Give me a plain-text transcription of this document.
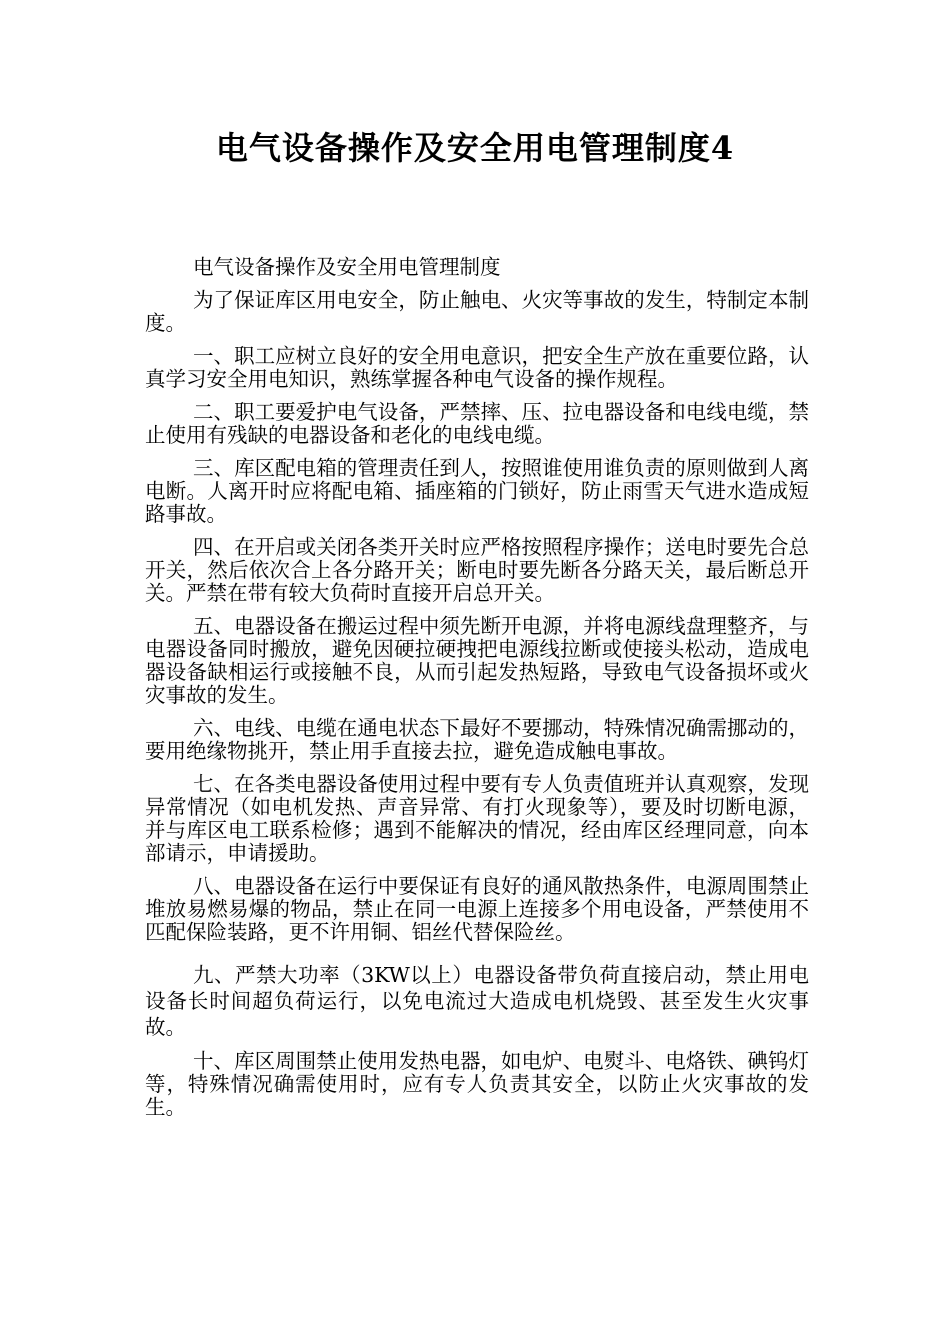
电气设备操作及安全用电管理制度4

电气设备操作及安全用电管理制度

为了保证库区用电安全，防止触电、火灾等事故的发生，特制定本制度。

一、职工应树立良好的安全用电意识，把安全生产放在重要位路，认真学习安全用电知识，熟练掌握各种电气设备的操作规程。

二、职工要爱护电气设备，严禁摔、压、拉电器设备和电线电缆，禁止使用有残缺的电器设备和老化的电线电缆。

三、库区配电箱的管理责任到人，按照谁使用谁负责的原则做到人离电断。人离开时应将配电箱、插座箱的门锁好，防止雨雪天气进水造成短路事故。

四、在开启或关闭各类开关时应严格按照程序操作；送电时要先合总开关，然后依次合上各分路开关；断电时要先断各分路天关，最后断总开关。严禁在带有较大负荷时直接开启总开关。

五、电器设备在搬运过程中须先断开电源，并将电源线盘理整齐，与电器设备同时搬放，避免因硬拉硬拽把电源线拉断或使接头松动，造成电器设备缺相运行或接触不良，从而引起发热短路，导致电气设备损坏或火灾事故的发生。

六、电线、电缆在通电状态下最好不要挪动，特殊情况确需挪动的，要用绝缘物挑开，禁止用手直接去拉，避免造成触电事故。

七、在各类电器设备使用过程中要有专人负责值班并认真观察，发现异常情况（如电机发热、声音异常、有打火现象等），要及时切断电源，并与库区电工联系检修；遇到不能解决的情况，经由库区经理同意，向本部请示，申请援助。

八、电器设备在运行中要保证有良好的通风散热条件，电源周围禁止堆放易燃易爆的物品，禁止在同一电源上连接多个用电设备，严禁使用不匹配保险装路，更不许用铜、铝丝代替保险丝。

九、严禁大功率（3KW以上）电器设备带负荷直接启动，禁止用电设备长时间超负荷运行，以免电流过大造成电机烧毁、甚至发生火灾事故。

十、库区周围禁止使用发热电器，如电炉、电熨斗、电烙铁、碘钨灯等，特殊情况确需使用时，应有专人负责其安全，以防止火灾事故的发生。
